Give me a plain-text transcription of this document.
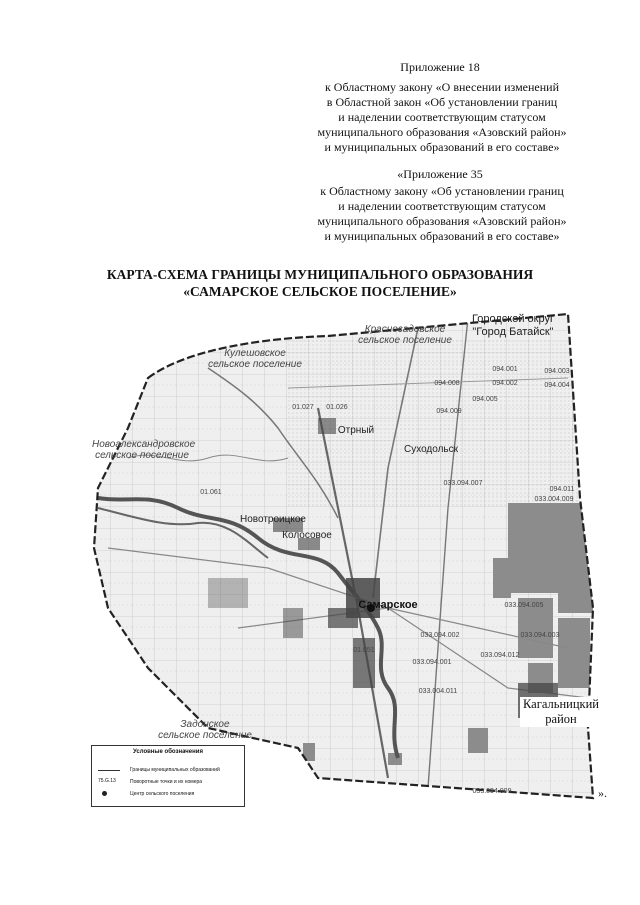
Приложение 18
к Областному закону «О внесении изменений
в Областной закон «Об установлении границ
и наделении соответствующим статусом
муниципального образования «Азовский район»
и муниципальных образований в его составе»
«Приложение 35
к Областному закону «Об установлении границ
и наделении соответствующим статусом
муниципального образования «Азовский район»
и муниципальных образований в его составе»
КАРТА-СХЕМА ГРАНИЦЫ МУНИЦИПАЛЬНОГО ОБРАЗОВАНИЯ
«САМАРСКОЕ СЕЛЬСКОЕ ПОСЕЛЕНИЕ»
Городской округ
"Город Батайск"
Красносадовское
сельское поселение
Кулешовское
сельское поселение
Новоалександровское
сельское поселение
Задонское
сельское поселение
Самарское
Отрный
Суходольск
Новотроицкое
Колосовое
01.027	01.026
094.001
094.002
094.003
094.004
094.005
094.008
094.009
033.094.007
094.011
033.004.009
033.094.005
033.094.003
033.094.002
033.094.012
033.004.011
033.094.001
033.094.009
01.061
01.051
Кагальницкий
район
Условные обозначения
Границы муниципальных образований
75.G.13	Поворотные точки и их номера
Центр сельского поселения	».
